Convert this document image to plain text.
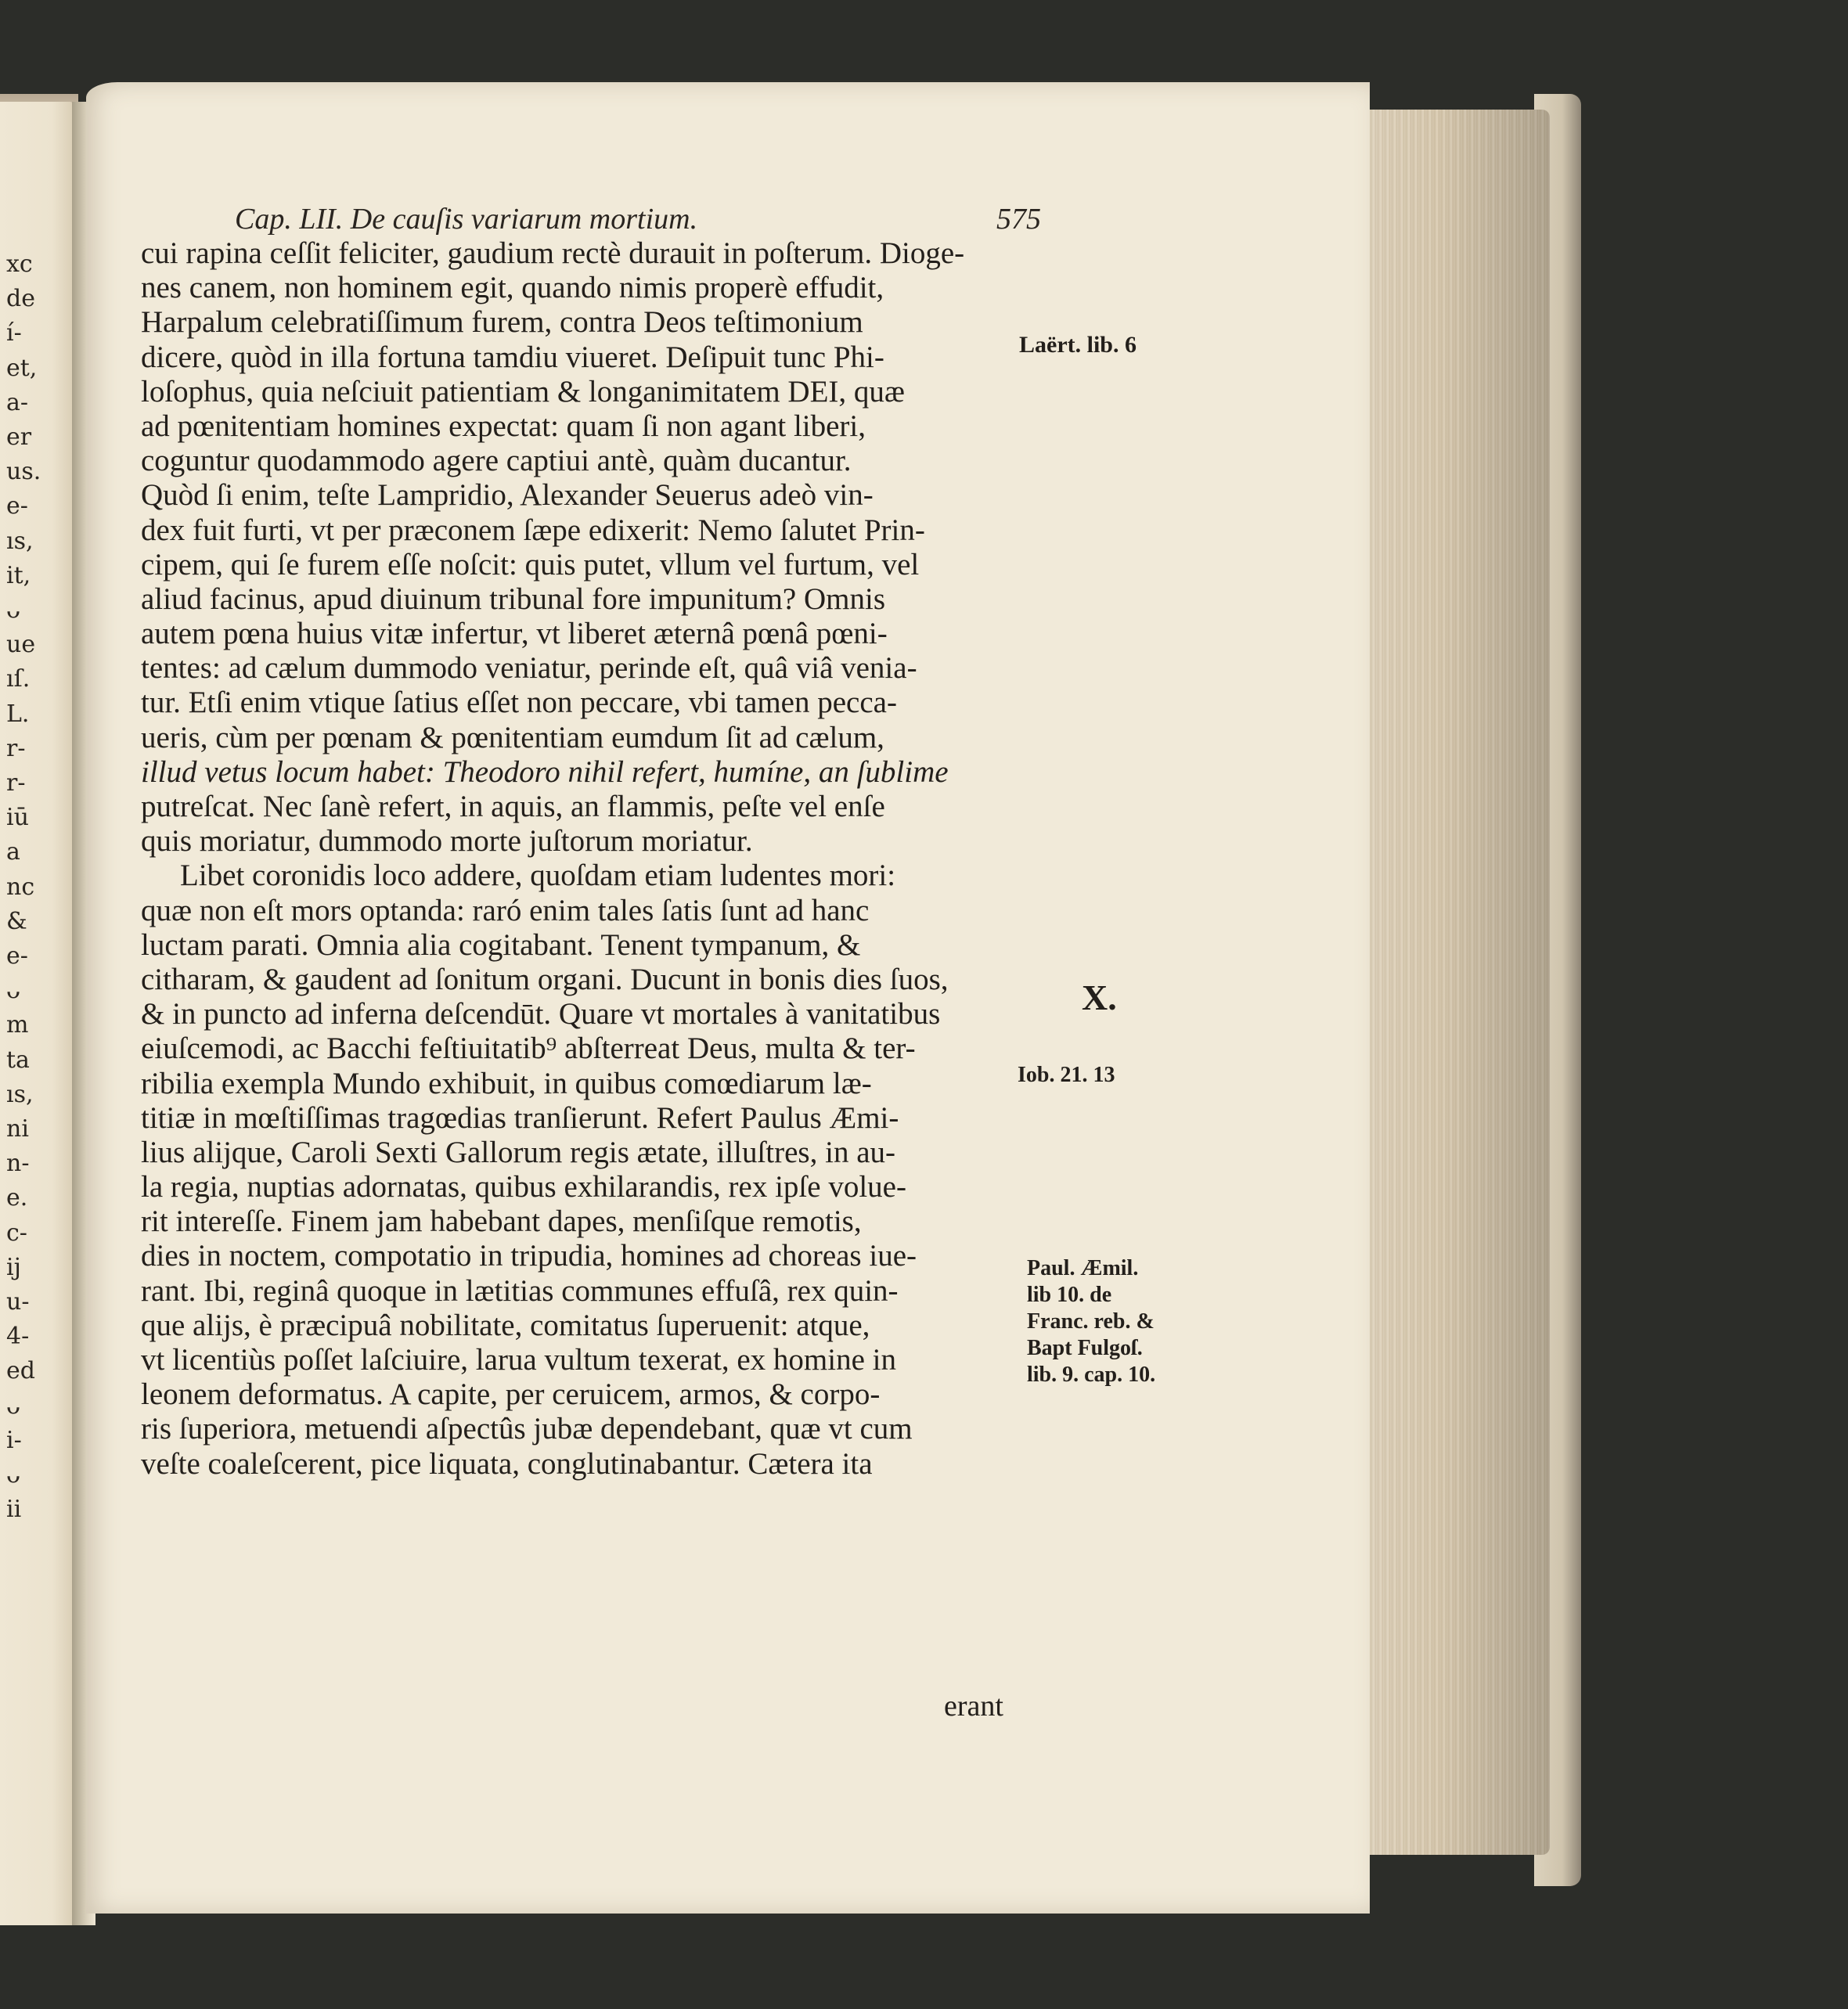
xc
de
í-
et,
a-
er
us.
e-
ıs,
it,
ᴗ
ue
ıſ.
L.
r-
r-
iū
a
nc
&
e-
ᴗ
m
ta
ıs,
ni
n-
e.
c-
ij
u-
4-
ed
ᴗ
i-
ᴗ
ii
Cap. LII. De cauſis variarum mortium.	575
cui rapina ceſſit feliciter, gaudium rectè durauit in poſterum. Dioge-
nes canem, non hominem egit, quando nimis properè effudit,
Harpalum celebratiſſimum furem, contra Deos teſtimonium
dicere, quòd in illa fortuna tamdiu viueret. Deſipuit tunc Phi-
loſophus, quia neſciuit patientiam & longanimitatem DEI, quæ
ad pœnitentiam homines expectat: quam ſi non agant liberi,
coguntur quodammodo agere captiui antè, quàm ducantur.
Quòd ſi enim, teſte Lampridio, Alexander Seuerus adeò vin-
dex fuit furti, vt per præconem ſæpe edixerit: Nemo ſalutet Prin-
cipem, qui ſe furem eſſe noſcit: quis putet, vllum vel furtum, vel
aliud facinus, apud diuinum tribunal fore impunitum? Omnis
autem pœna huius vitæ infertur, vt liberet æternâ pœnâ pœni-
tentes: ad cælum dummodo veniatur, perinde eſt, quâ viâ venia-
tur. Etſi enim vtique ſatius eſſet non peccare, vbi tamen pecca-
ueris, cùm per pœnam & pœnitentiam eumdum ſit ad cælum,
illud vetus locum habet: Theodoro nihil refert, humíne, an ſublime
putreſcat. Nec ſanè refert, in aquis, an flammis, peſte vel enſe
quis moriatur, dummodo morte juſtorum moriatur.
Libet coronidis loco addere, quoſdam etiam ludentes mori:
quæ non eſt mors optanda: raró enim tales ſatis ſunt ad hanc
luctam parati. Omnia alia cogitabant. Tenent tympanum, &
citharam, & gaudent ad ſonitum organi. Ducunt in bonis dies ſuos,
& in puncto ad inferna deſcendūt. Quare vt mortales à vanitatibus
eiuſcemodi, ac Bacchi feſtiuitatib⁹ abſterreat Deus, multa & ter-
ribilia exempla Mundo exhibuit, in quibus comœdiarum læ-
titiæ in mœſtiſſimas tragœdias tranſierunt. Refert Paulus Æmi-
lius alijque, Caroli Sexti Gallorum regis ætate, illuſtres, in au-
la regia, nuptias adornatas, quibus exhilarandis, rex ipſe volue-
rit intereſſe. Finem jam habebant dapes, menſiſque remotis,
dies in noctem, compotatio in tripudia, homines ad choreas iue-
rant. Ibi, reginâ quoque in lætitias communes effuſâ, rex quin-
que alijs, è præcipuâ nobilitate, comitatus ſuperuenit: atque,
vt licentiùs poſſet laſciuire, larua vultum texerat, ex homine in
leonem deformatus. A capite, per ceruicem, armos, & corpo-
ris ſuperiora, metuendi aſpectûs jubæ dependebant, quæ vt cum
veſte coaleſcerent, pice liquata, conglutinabantur. Cætera ita
Laërt. lib. 6
X.
Iob. 21. 13
Paul. Æmil.
lib 10. de
Franc. reb. &
Bapt Fulgoſ.
lib. 9. cap. 10.
erant
